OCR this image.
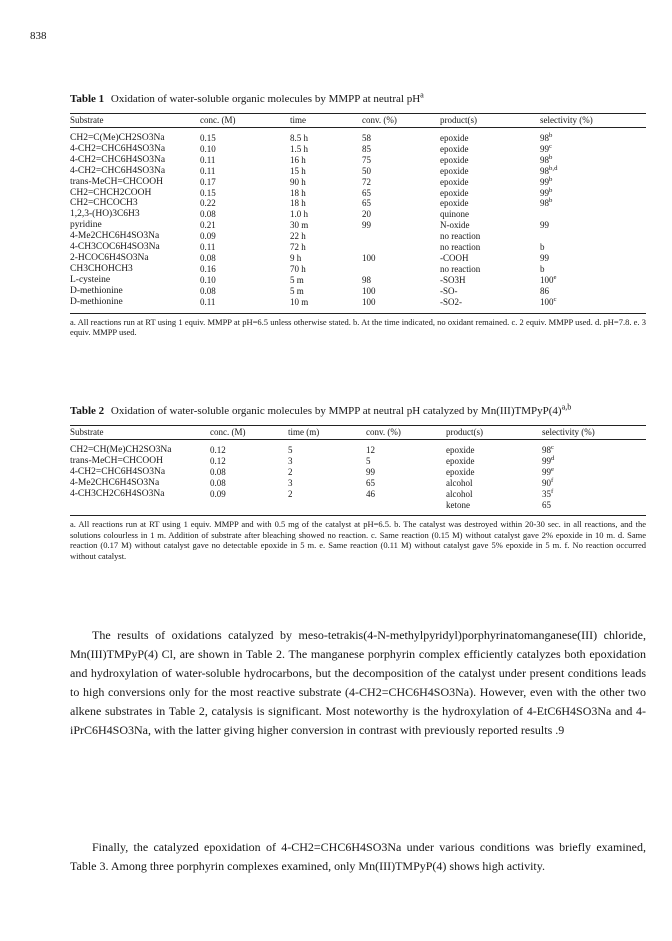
838
Table 1 Oxidation of water-soluble organic molecules by MMPP at neutral $pH^a$
Substrate	conc. (M)	time	conv. (%)	product(s)	selectivity (%)
CH2=C(Me)CH2SO3Na	0.15	8.5 h	58	epoxide	98$^b$
4-CH2=CHC6H4SO3Na	0.10	1.5 h	85	epoxide	99$^c$
4-CH2=CHC6H4SO3Na	0.11	16 h	75	epoxide	98$^b$
4-CH2=CHC6H4SO3Na	0.11	15 h	50	epoxide	98$^{b,d}$
trans-MeCH=CHCOOH	0.17	90 h	72	epoxide	99$^b$
CH2=CHCH2COOH	0.15	18 h	65	epoxide	99$^b$
CH2=CHCOCH3	0.22	18 h	65	epoxide	98$^b$
1,2,3-(HO)3C6H3	0.08	1.0 h	20	quinone	
pyridine	0.21	30 m	99	N-oxide	99
4-Me2CHC6H4SO3Na	0.09	22 h		no reaction	
4-CH3COC6H4SO3Na	0.11	72 h		no reaction	b
2-HCOC6H4SO3Na	0.08	9 h	100	-COOH	99
CH3CHOHCH3	0.16	70 h		no reaction	b
L-cysteine	0.10	5 m	98	-SO3H	100e
D-methionine	0.08	5 m	100	-SO-	86
D-methionine	0.11	10 m	100	-SO2-	100$^c$
a. All reactions run at RT using 1 equiv. MMPP at pH=6.5 unless otherwise stated. b. At the time indicated, no oxidant remained. c. 2 equiv. MMPP used. d. pH=7.8. e. 3 equiv. MMPP used.
Table 2 Oxidation of water-soluble organic molecules by MMPP at neutral pH catalyzed by $Mn(III)TMPyP(4)^{a,b}$
Substrate	conc. (M)	time (m)	conv. (%)	product(s)	selectivity (%)
CH2=CH(Me)CH2SO3Na	0.12	5	12	epoxide	98$^c$
trans-MeCH=CHCOOH	0.12	3	5	epoxide	99$^d$
4-CH2=CHC6H4SO3Na	0.08	2	99	epoxide	99e
4-Me2CHC6H4SO3Na	0.08	3	65	alcohol	90$^f$
4-CH3CH2C6H4SO3Na	0.09	2	46	alcohol	35$^f$
				ketone	65
a. All reactions run at RT using 1 equiv. MMPP and with 0.5 mg of the catalyst at pH=6.5. b. The catalyst was destroyed within 20-30 sec. in all reactions, and the solutions colourless in 1 m. Addition of substrate after bleaching showed no reaction. c. Same reaction (0.15 M) without catalyst gave 2% epoxide in 10 m. d. Same reaction (0.17 M) without catalyst gave no detectable epoxide in 5 m. e. Same reaction (0.11 M) without catalyst gave 5% epoxide in 5 m. f. No reaction occurred without catalyst.

The results of oxidations catalyzed by meso-tetrakis(4-N-methylpyridyl)porphyrinatomanganese(III) chloride, Mn(III)TMPyP(4) Cl, are shown in Table 2. The manganese porphyrin complex efficiently catalyzes both epoxidation and hydroxylation of water-soluble hydrocarbons, but the decomposition of the catalyst under present conditions leads to high conversions only for the most reactive substrate (4-CH2=CHC6H4SO3Na). However, even with the other two alkene substrates in Table 2, catalysis is significant. Most noteworthy is the hydroxylation of 4-EtC6H4SO3Na and 4-iPrC6H4SO3Na, with the latter giving higher conversion in contrast with previously reported results .9

Finally, the catalyzed epoxidation of 4-CH2=CHC6H4SO3Na under various conditions was briefly examined, Table 3. Among three porphyrin complexes examined, only Mn(III)TMPyP(4) shows high activity.
